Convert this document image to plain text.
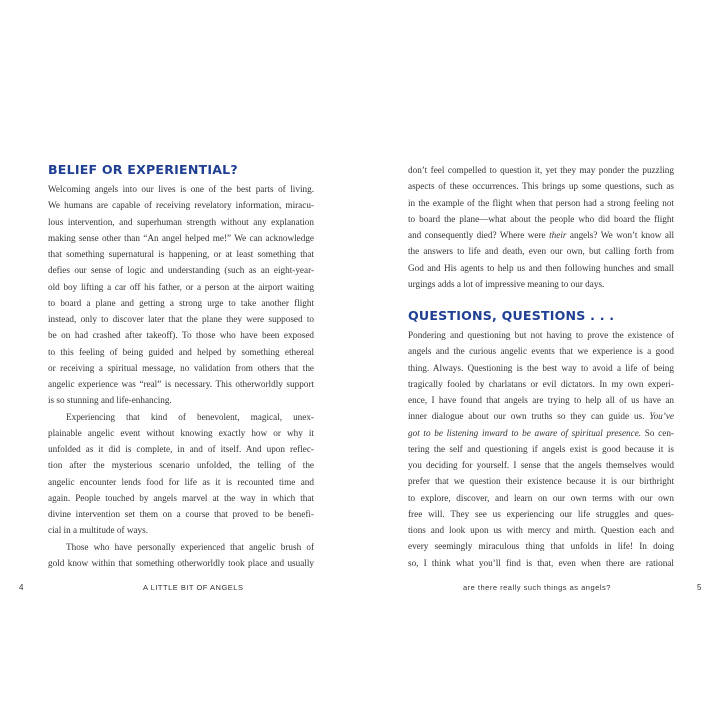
BELIEF OR EXPERIENTIAL?
Welcoming angels into our lives is one of the best parts of living.
We humans are capable of receiving revelatory information, miracu-
lous intervention, and superhuman strength without any explanation
making sense other than “An angel helped me!” We can acknowledge
that something supernatural is happening, or at least something that
defies our sense of logic and understanding (such as an eight-year-
old boy lifting a car off his father, or a person at the airport waiting
to board a plane and getting a strong urge to take another flight
instead, only to discover later that the plane they were supposed to
be on had crashed after takeoff). To those who have been exposed
to this feeling of being guided and helped by something ethereal
or receiving a spiritual message, no validation from others that the
angelic experience was “real” is necessary. This otherworldly support
is so stunning and life-enhancing.
Experiencing that kind of benevolent, magical, unex-
plainable angelic event without knowing exactly how or why it
unfolded as it did is complete, in and of itself. And upon reflec-
tion after the mysterious scenario unfolded, the telling of the
angelic encounter lends food for life as it is recounted time and
again. People touched by angels marvel at the way in which that
divine intervention set them on a course that proved to be benefi-
cial in a multitude of ways.
Those who have personally experienced that angelic brush of
gold know within that something otherworldly took place and usually
don’t feel compelled to question it, yet they may ponder the puzzling
aspects of these occurrences. This brings up some questions, such as
in the example of the flight when that person had a strong feeling not
to board the plane—what about the people who did board the flight
and consequently died? Where were their angels? We won’t know all
the answers to life and death, even our own, but calling forth from
God and His agents to help us and then following hunches and small
urgings adds a lot of impressive meaning to our days.
QUESTIONS, QUESTIONS . . .
Pondering and questioning but not having to prove the existence of
angels and the curious angelic events that we experience is a good
thing. Always. Questioning is the best way to avoid a life of being
tragically fooled by charlatans or evil dictators. In my own experi-
ence, I have found that angels are trying to help all of us have an
inner dialogue about our own truths so they can guide us. You’ve
got to be listening inward to be aware of spiritual presence. So cen-
tering the self and questioning if angels exist is good because it is
you deciding for yourself. I sense that the angels themselves would
prefer that we question their existence because it is our birthright
to explore, discover, and learn on our own terms with our own
free will. They see us experiencing our life struggles and ques-
tions and look upon us with mercy and mirth. Question each and
every seemingly miraculous thing that unfolds in life! In doing
so, I think what you’ll find is that, even when there are rational
4	A LITTLE BIT OF ANGELS	are there really such things as angels?	5
